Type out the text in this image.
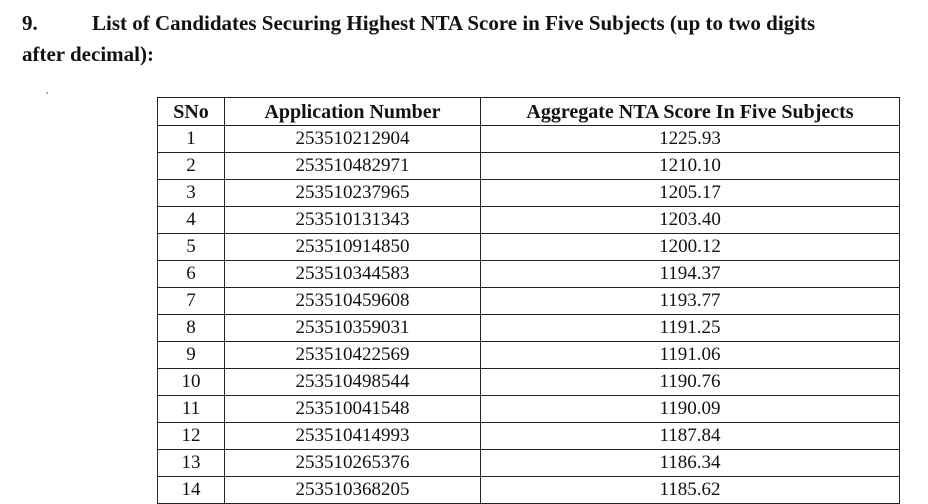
9.	List of Candidates Securing Highest NTA Score in Five Subjects (up to two digits
after decimal):
SNo	Application Number	Aggregate NTA Score In Five Subjects
1	253510212904	1225.93
2	253510482971	1210.10
3	253510237965	1205.17
4	253510131343	1203.40
5	253510914850	1200.12
6	253510344583	1194.37
7	253510459608	1193.77
8	253510359031	1191.25
9	253510422569	1191.06
10	253510498544	1190.76
11	253510041548	1190.09
12	253510414993	1187.84
13	253510265376	1186.34
14	253510368205	1185.62
